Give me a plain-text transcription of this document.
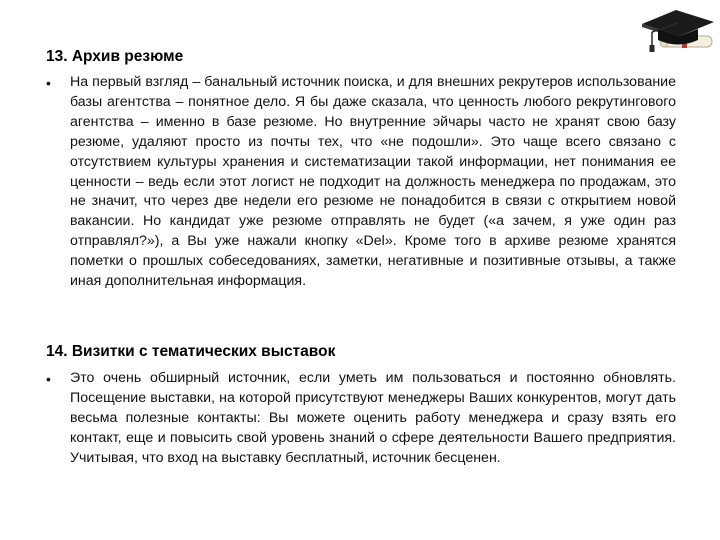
13. Архив резюме
• На первый взгляд – банальный источник поиска, и для внешних рекрутеров использование базы агентства – понятное дело. Я бы даже сказала, что ценность любого рекрутингового агентства – именно в базе резюме. Но внутренние эйчары часто не хранят свою базу резюме, удаляют просто из почты тех, что «не подошли». Это чаще всего связано с отсутствием культуры хранения и систематизации такой информации, нет понимания ее ценности – ведь если этот логист не подходит на должность менеджера по продажам, это не значит, что через две недели его резюме не понадобится в связи с открытием новой вакансии. Но кандидат уже резюме отправлять не будет («а зачем, я уже один раз отправлял?»), а Вы уже нажали кнопку «Del». Кроме того в архиве резюме хранятся пометки о прошлых собеседованиях, заметки, негативные и позитивные отзывы, а также иная дополнительная информация.
14. Визитки с тематических выставок
• Это очень обширный источник, если уметь им пользоваться и постоянно обновлять. Посещение выставки, на которой присутствуют менеджеры Ваших конкурентов, могут дать весьма полезные контакты: Вы можете оценить работу менеджера и сразу взять его контакт, еще и повысить свой уровень знаний о сфере деятельности Вашего предприятия. Учитывая, что вход на выставку бесплатный, источник бесценен.
